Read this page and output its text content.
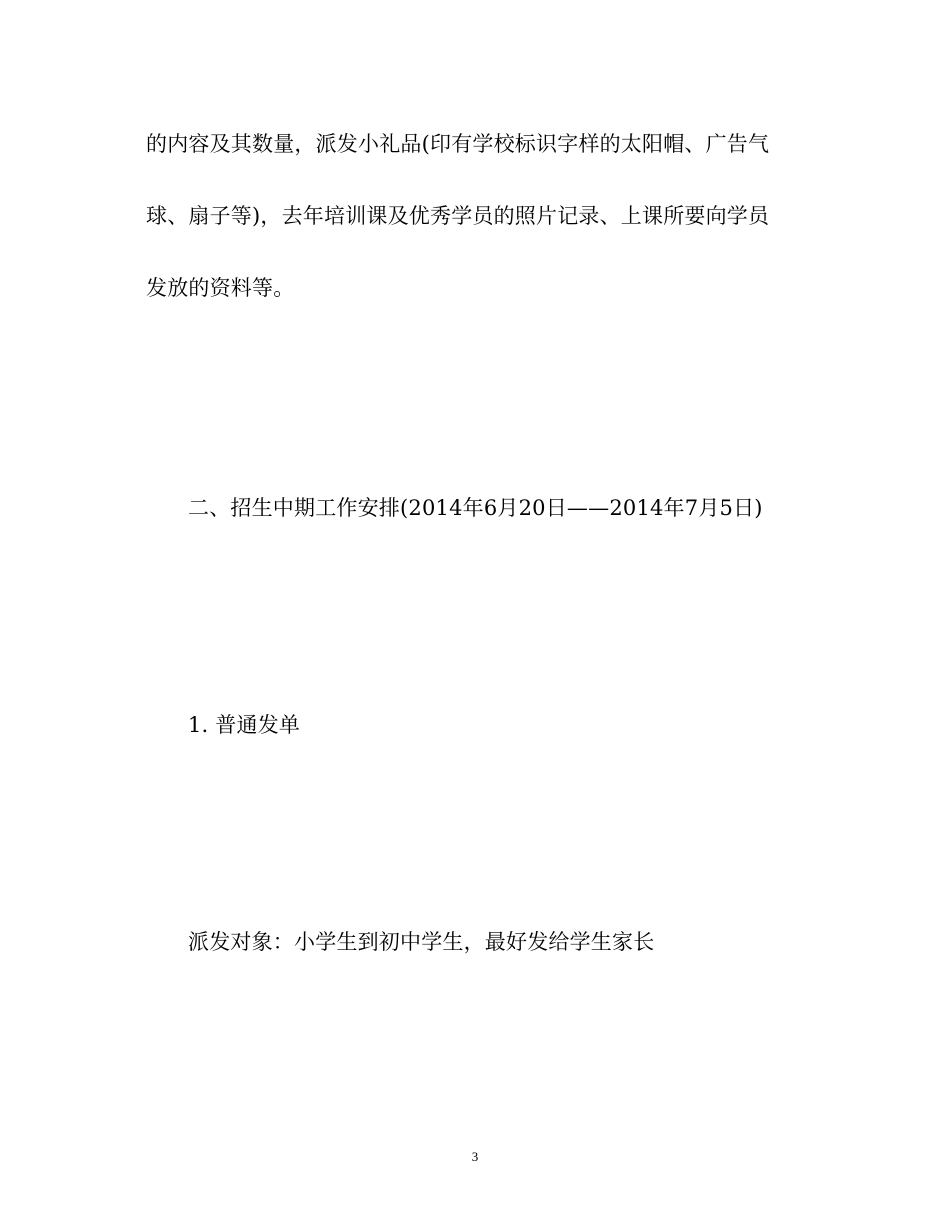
的内容及其数量，派发小礼品(印有学校标识字样的太阳帽、广告气
球、扇子等)，去年培训课及优秀学员的照片记录、上课所要向学员
发放的资料等。
二、招生中期工作安排(2014年6月20日——2014年7月5日)
1. 普通发单
派发对象：小学生到初中学生，最好发给学生家长
3
